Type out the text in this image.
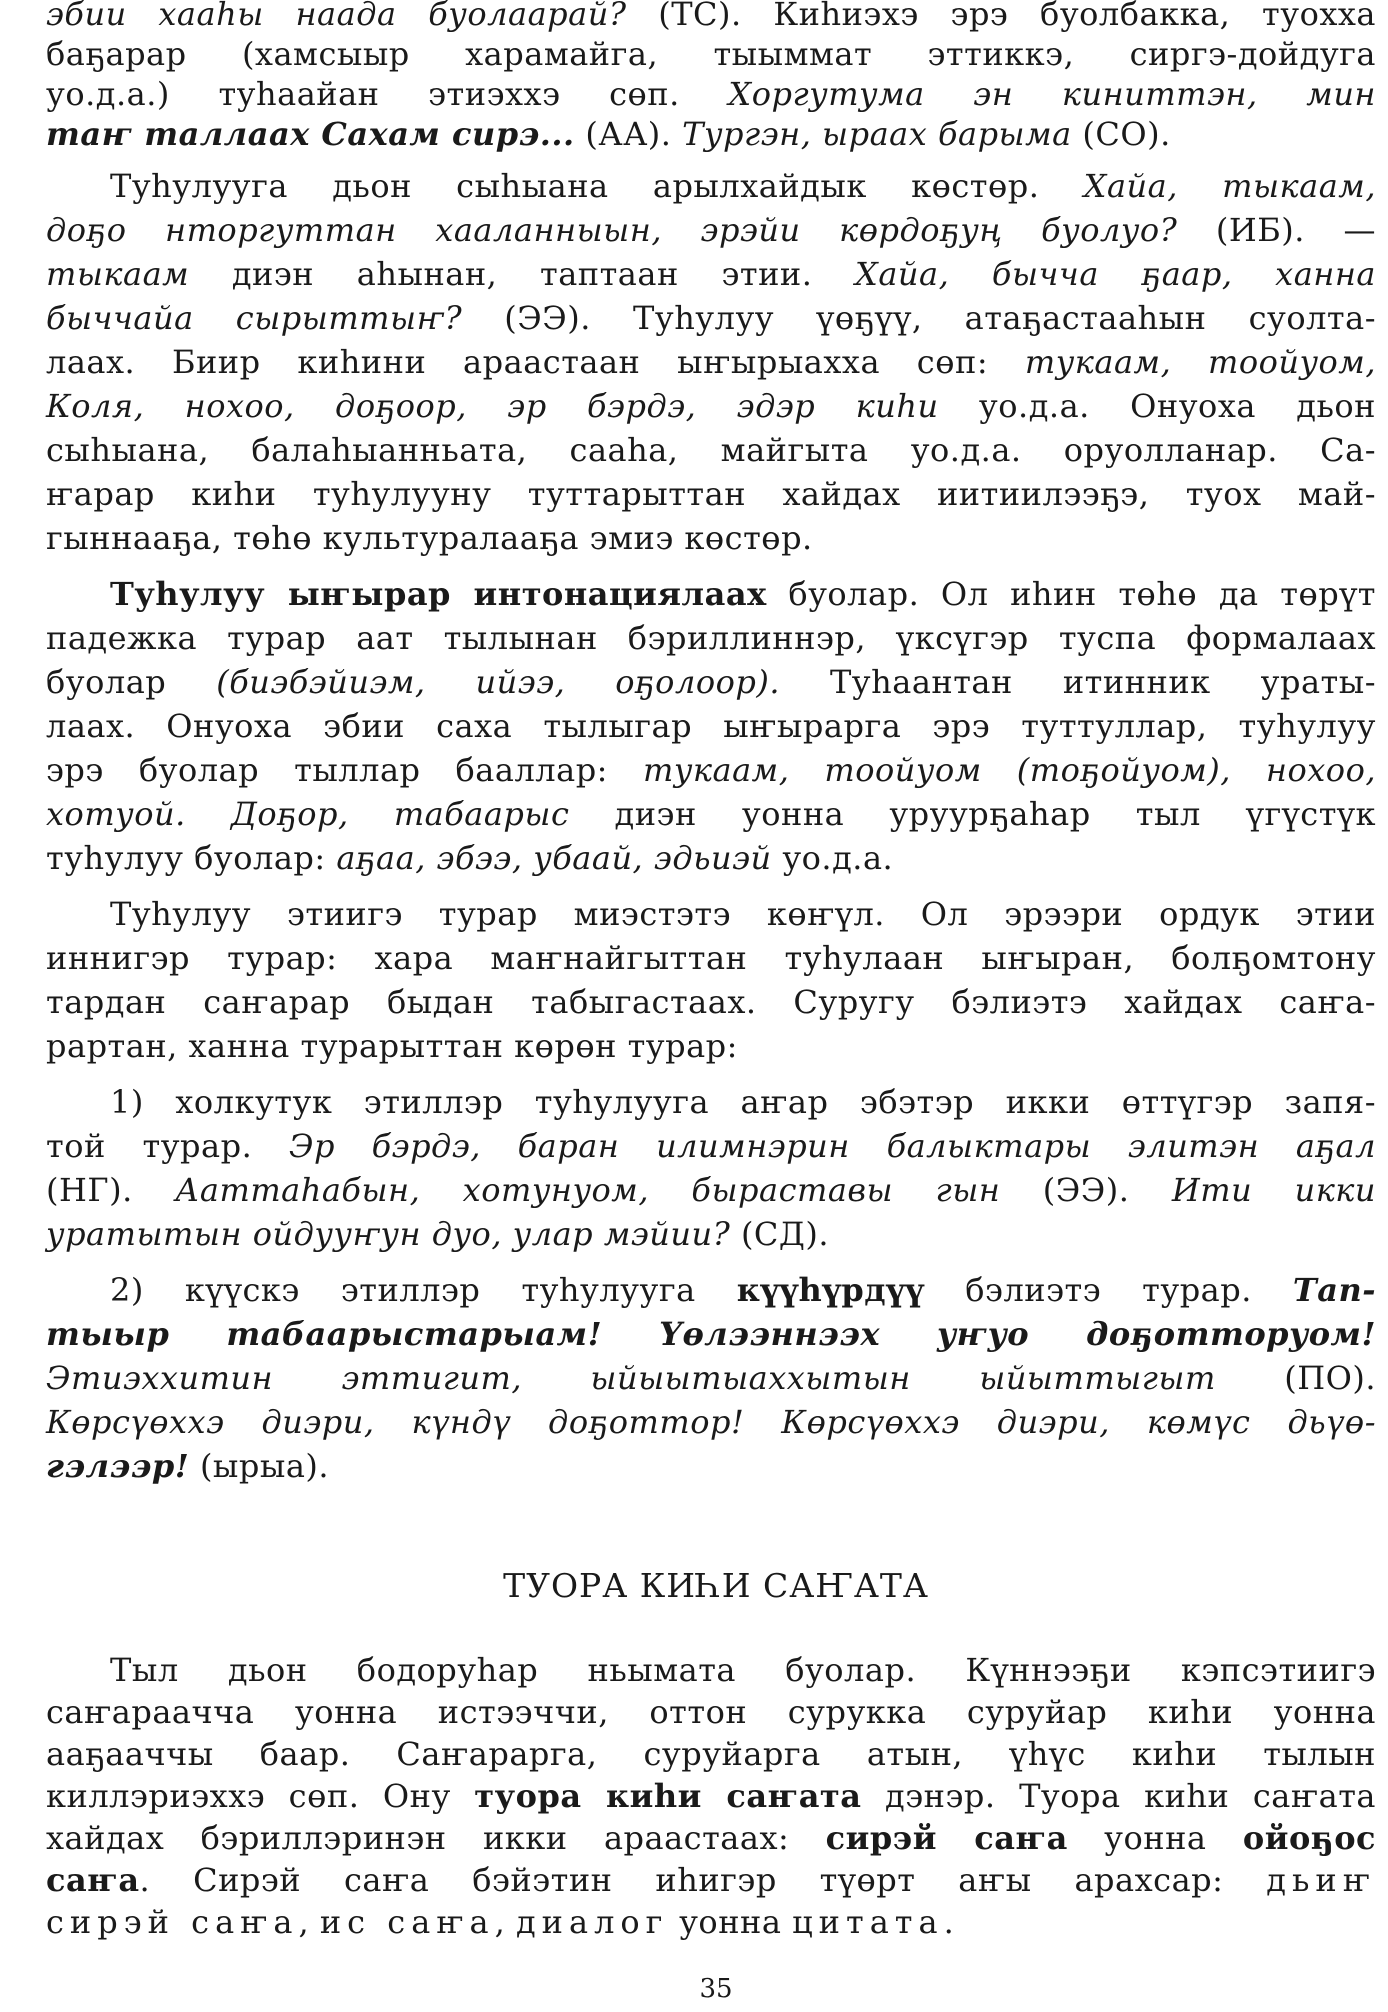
эбии хааһы наада буолаарай? (ТС). Киһиэхэ эрэ буолбакка, туоххa
баҕарар (хамсыыр харамайга, тыыммат эттиккэ, сиргэ-дойдуга
уо.д.а.) туһаайан этиэххэ сөп. Хоргутума эн киниттэн, мин
таҥ таллаах Сахам сирэ... (АА). Тургэн, ыраах барыма (СО).
Туһулууга дьон сыһыана арылхайдык көстөр. Хайа, тыкаам,
доҕо нторгуттан хааланныын, эрэйи көрдоҕуң буолуо? (ИБ). —
тыкаам диэн аһынан, таптаан этии. Хайа, бычча ҕаар, ханна
быччайа сырыттыҥ? (ЭЭ). Туһулуу үөҕүү, атаҕастааһын суолта-
лаах. Биир киһини араастаан ыҥырыахха сөп: тукаам, тоойуом,
Коля, нохоо, доҕоор, эр бэрдэ, эдэр киһи уо.д.а. Онуоха дьон
сыһыана, балаһыанньата, сааһа, майгыта уо.д.а. оруолланар. Са-
ҥарар киһи туһулууну туттарыттан хайдах иитиилээҕэ, туох май-
гыннааҕа, төһө культуралааҕа эмиэ көстөр.
Туһулуу ыҥырар интонациялаах буолар. Ол иһин төһө да төрүт
падежка турар аат тылынан бэриллиннэр, үксүгэр туспа формалаах
буолар (биэбэйиэм, ийээ, оҕолоор). Туһаантан итинник ураты-
лаах. Онуоха эбии саха тылыгар ыҥырарга эрэ туттуллар, туһулуу
эрэ буолар тыллар бааллар: тукаам, тоойуом (тоҕойуом), нохоо,
хотуой. Доҕор, табаарыс диэн уонна уруурҕаһар тыл үгүстүк
туһулуу буолар: аҕаа, эбээ, убаай, эдьиэй уо.д.а.
Туһулуу этиигэ турар миэстэтэ көҥүл. Ол эрээри ордук этии
иннигэр турар: хара маҥнайгыттан туһулаан ыҥыран, болҕомтону
тардан саҥарар быдан табыгастаах. Суругу бэлиэтэ хайдах саҥа-
рартан, ханна турарыттан көрөн турар:
1) холкутук этиллэр туһулууга аҥар эбэтэр икки өттүгэр запя-
той турар. Эр бэрдэ, баран илимнэрин балыктары элитэн аҕал
(НГ). Ааттаһабын, хотунуом, быраставы гын (ЭЭ). Ити икки
уратытын ойдууҥун дуо, улар мэйии? (СД).
2) күүскэ этиллэр туһулууга күүһүрдүү бэлиэтэ турар. Тап-
тыыр табаарыстарыам! Үөлээннээх уҥуо доҕотторуом!
Этиэххитин эттигит, ыйыытыаххытын ыйыттыгыт (ПО).
Көрсүөххэ диэри, күндү доҕоттор! Көрсүөххэ диэри, көмүс дьүө-
гэлээр! (ырыа).
ТУОРА КИҺИ САҤАТА
Тыл дьон бодоруһар ньымата буолар. Күннээҕи кэпсэтиигэ
саҥараачча уонна истээччи, оттон суруккa суруйар киһи уонна
ааҕааччы баар. Саҥарарга, суруйарга атын, үһүс киһи тылын
киллэриэххэ сөп. Ону туора киһи саҥата дэнэр. Туора киһи саҥата
хайдах бэриллэринэн икки араастаах: сирэй саҥа уонна ойоҕос
саҥа. Сирэй саҥа бэйэтин иһигэр түөрт аҥы арахсар: дьиҥ
сирэй саҥа, ис саҥа, диалог уонна цитата.
35
